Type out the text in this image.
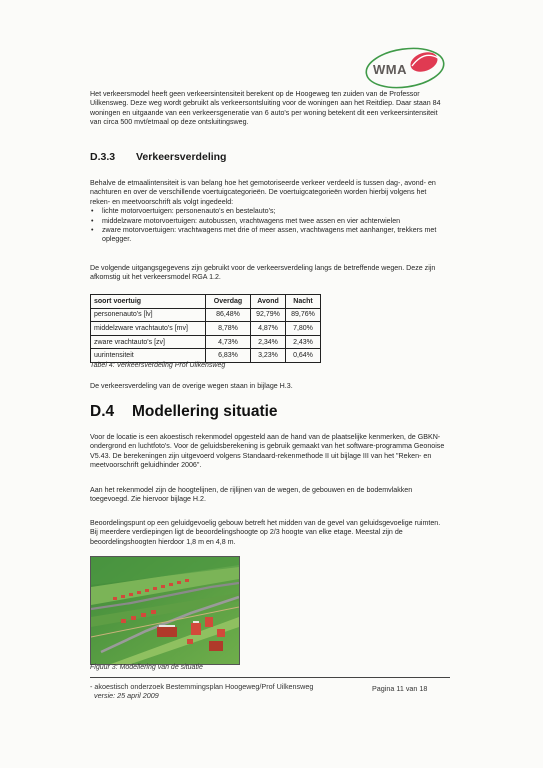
WMA
Het verkeersmodel heeft geen verkeersintensiteit berekent op de Hoogeweg ten zuiden van de Professor Uilkensweg. Deze weg wordt gebruikt als verkeersontsluiting voor de woningen aan het Reitdiep. Daar staan 84 woningen en uitgaande van een verkeersgeneratie van 6 auto's per woning betekent dit een verkeersintensiteit van circa 500 mvt/etmaal op deze ontsluitingsweg.
D.3.3 Verkeersverdeling
Behalve de etmaalintensiteit is van belang hoe het gemotoriseerde verkeer verdeeld is tussen dag-, avond- en nachturen en over de verschillende voertuigcategorieën. De voertuigcategorieën worden hierbij volgens het reken- en meetvoorschrift als volgt ingedeeld:
• lichte motorvoertuigen: personenauto's en bestelauto's;
• middelzware motorvoertuigen: autobussen, vrachtwagens met twee assen en vier achterwielen
• zware motorvoertuigen: vrachtwagens met drie of meer assen, vrachtwagens met aanhanger, trekkers met oplegger.
De volgende uitgangsgegevens zijn gebruikt voor de verkeersverdeling langs de betreffende wegen. Deze zijn afkomstig uit het verkeersmodel RGA 1.2.
soort voertuig	Overdag	Avond	Nacht
personenauto's [lv]	86,48%	92,79%	89,76%
middelzware vrachtauto's [mv]	8,78%	4,87%	7,80%
zware vrachtauto's [zv]	4,73%	2,34%	2,43%
uurintensiteit	6,83%	3,23%	0,64%
Tabel 4: Verkeersverdeling Prof Uilkensweg
De verkeersverdeling van de overige wegen staan in bijlage H.3.
D.4 Modellering situatie
Voor de locatie is een akoestisch rekenmodel opgesteld aan de hand van de plaatselijke kenmerken, de GBKN-ondergrond en luchtfoto's. Voor de geluidsberekening is gebruik gemaakt van het software-programma Geonoise V5.43. De berekeningen zijn uitgevoerd volgens Standaard-rekenmethode II uit bijlage III van het "Reken- en meetvoorschrift geluidhinder 2006".
Aan het rekenmodel zijn de hoogtelijnen, de rijlijnen van de wegen, de gebouwen en de bodemvlakken toegevoegd. Zie hiervoor bijlage H.2.
Beoordelingspunt op een geluidgevoelig gebouw betreft het midden van de gevel van geluidsgevoelige ruimten. Bij meerdere verdiepingen ligt de beoordelingshoogte op 2/3 hoogte van elke etage. Meestal zijn de beoordelingshoogten hierdoor 1,8 m en 4,8 m.
Figuur 3: Modellering van de situatie
- akoestisch onderzoek Bestemmingsplan Hoogeweg/Prof Uilkensweg
versie: 25 april 2009
Pagina 11 van 18
